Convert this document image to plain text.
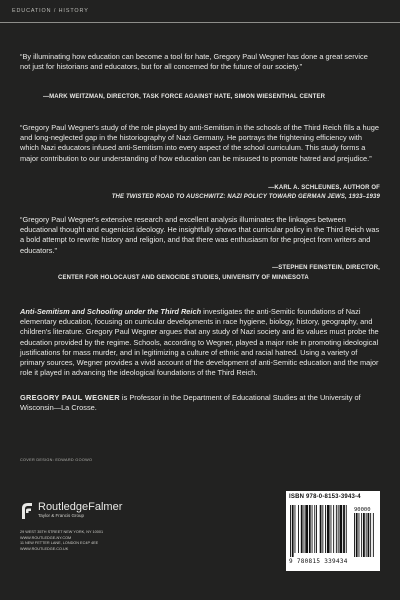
EDUCATION / HISTORY

“By illuminating how education can become a tool for hate, Gregory Paul Wegner has done a great service not just for historians and educators, but for all concerned for the future of our society.”

—MARK WEITZMAN, DIRECTOR, TASK FORCE AGAINST HATE, SIMON WIESENTHAL CENTER

“Gregory Paul Wegner's study of the role played by anti-Semitism in the schools of the Third Reich fills a huge and long-neglected gap in the historiography of Nazi Germany. He portrays the frightening efficiency with which Nazi educators infused anti-Semitism into every aspect of the school curriculum. This study forms a major contribution to our understanding of how education can be misused to promote hatred and prejudice.”

—KARL A. SCHLEUNES, AUTHOR OF

THE TWISTED ROAD TO AUSCHWITZ: NAZI POLICY TOWARD GERMAN JEWS, 1933–1939

“Gregory Paul Wegner's extensive research and excellent analysis illuminates the linkages between educational thought and eugenicist ideology. He insightfully shows that curricular policy in the Third Reich was a bold attempt to rewrite history and religion, and that there was enthusiasm for the project from writers and educators.”

—STEPHEN FEINSTEIN, DIRECTOR,

CENTER FOR HOLOCAUST AND GENOCIDE STUDIES, UNIVERSITY OF MINNESOTA

Anti-Semitism and Schooling under the Third Reich investigates the anti-Semitic foundations of Nazi elementary education, focusing on curricular developments in race hygiene, biology, history, geography, and children's literature. Gregory Paul Wegner argues that any study of Nazi society and its values must probe the education provided by the regime. Schools, according to Wegner, played a major role in promoting ideological justifications for mass murder, and in legitimizing a culture of ethnic and racial hatred. Using a variety of primary sources, Wegner provides a vivid account of the development of anti-Semitic education and the major role it played in advancing the ideological foundations of the Third Reich.

GREGORY PAUL WEGNER is Professor in the Department of Educational Studies at the University of Wisconsin—La Crosse.

COVER DESIGN: EDWARD GOOWO
RoutledgeFalmer
Taylor & Francis Group
29 WEST 35TH STREET NEW YORK, NY 10001
WWW.ROUTLEDGE-NY.COM
11 NEW FETTER LANE, LONDON EC4P 4EE
WWW.ROUTLEDGE.CO.UK
ISBN 978-0-8153-3943-4
90000
9 780815 339434
